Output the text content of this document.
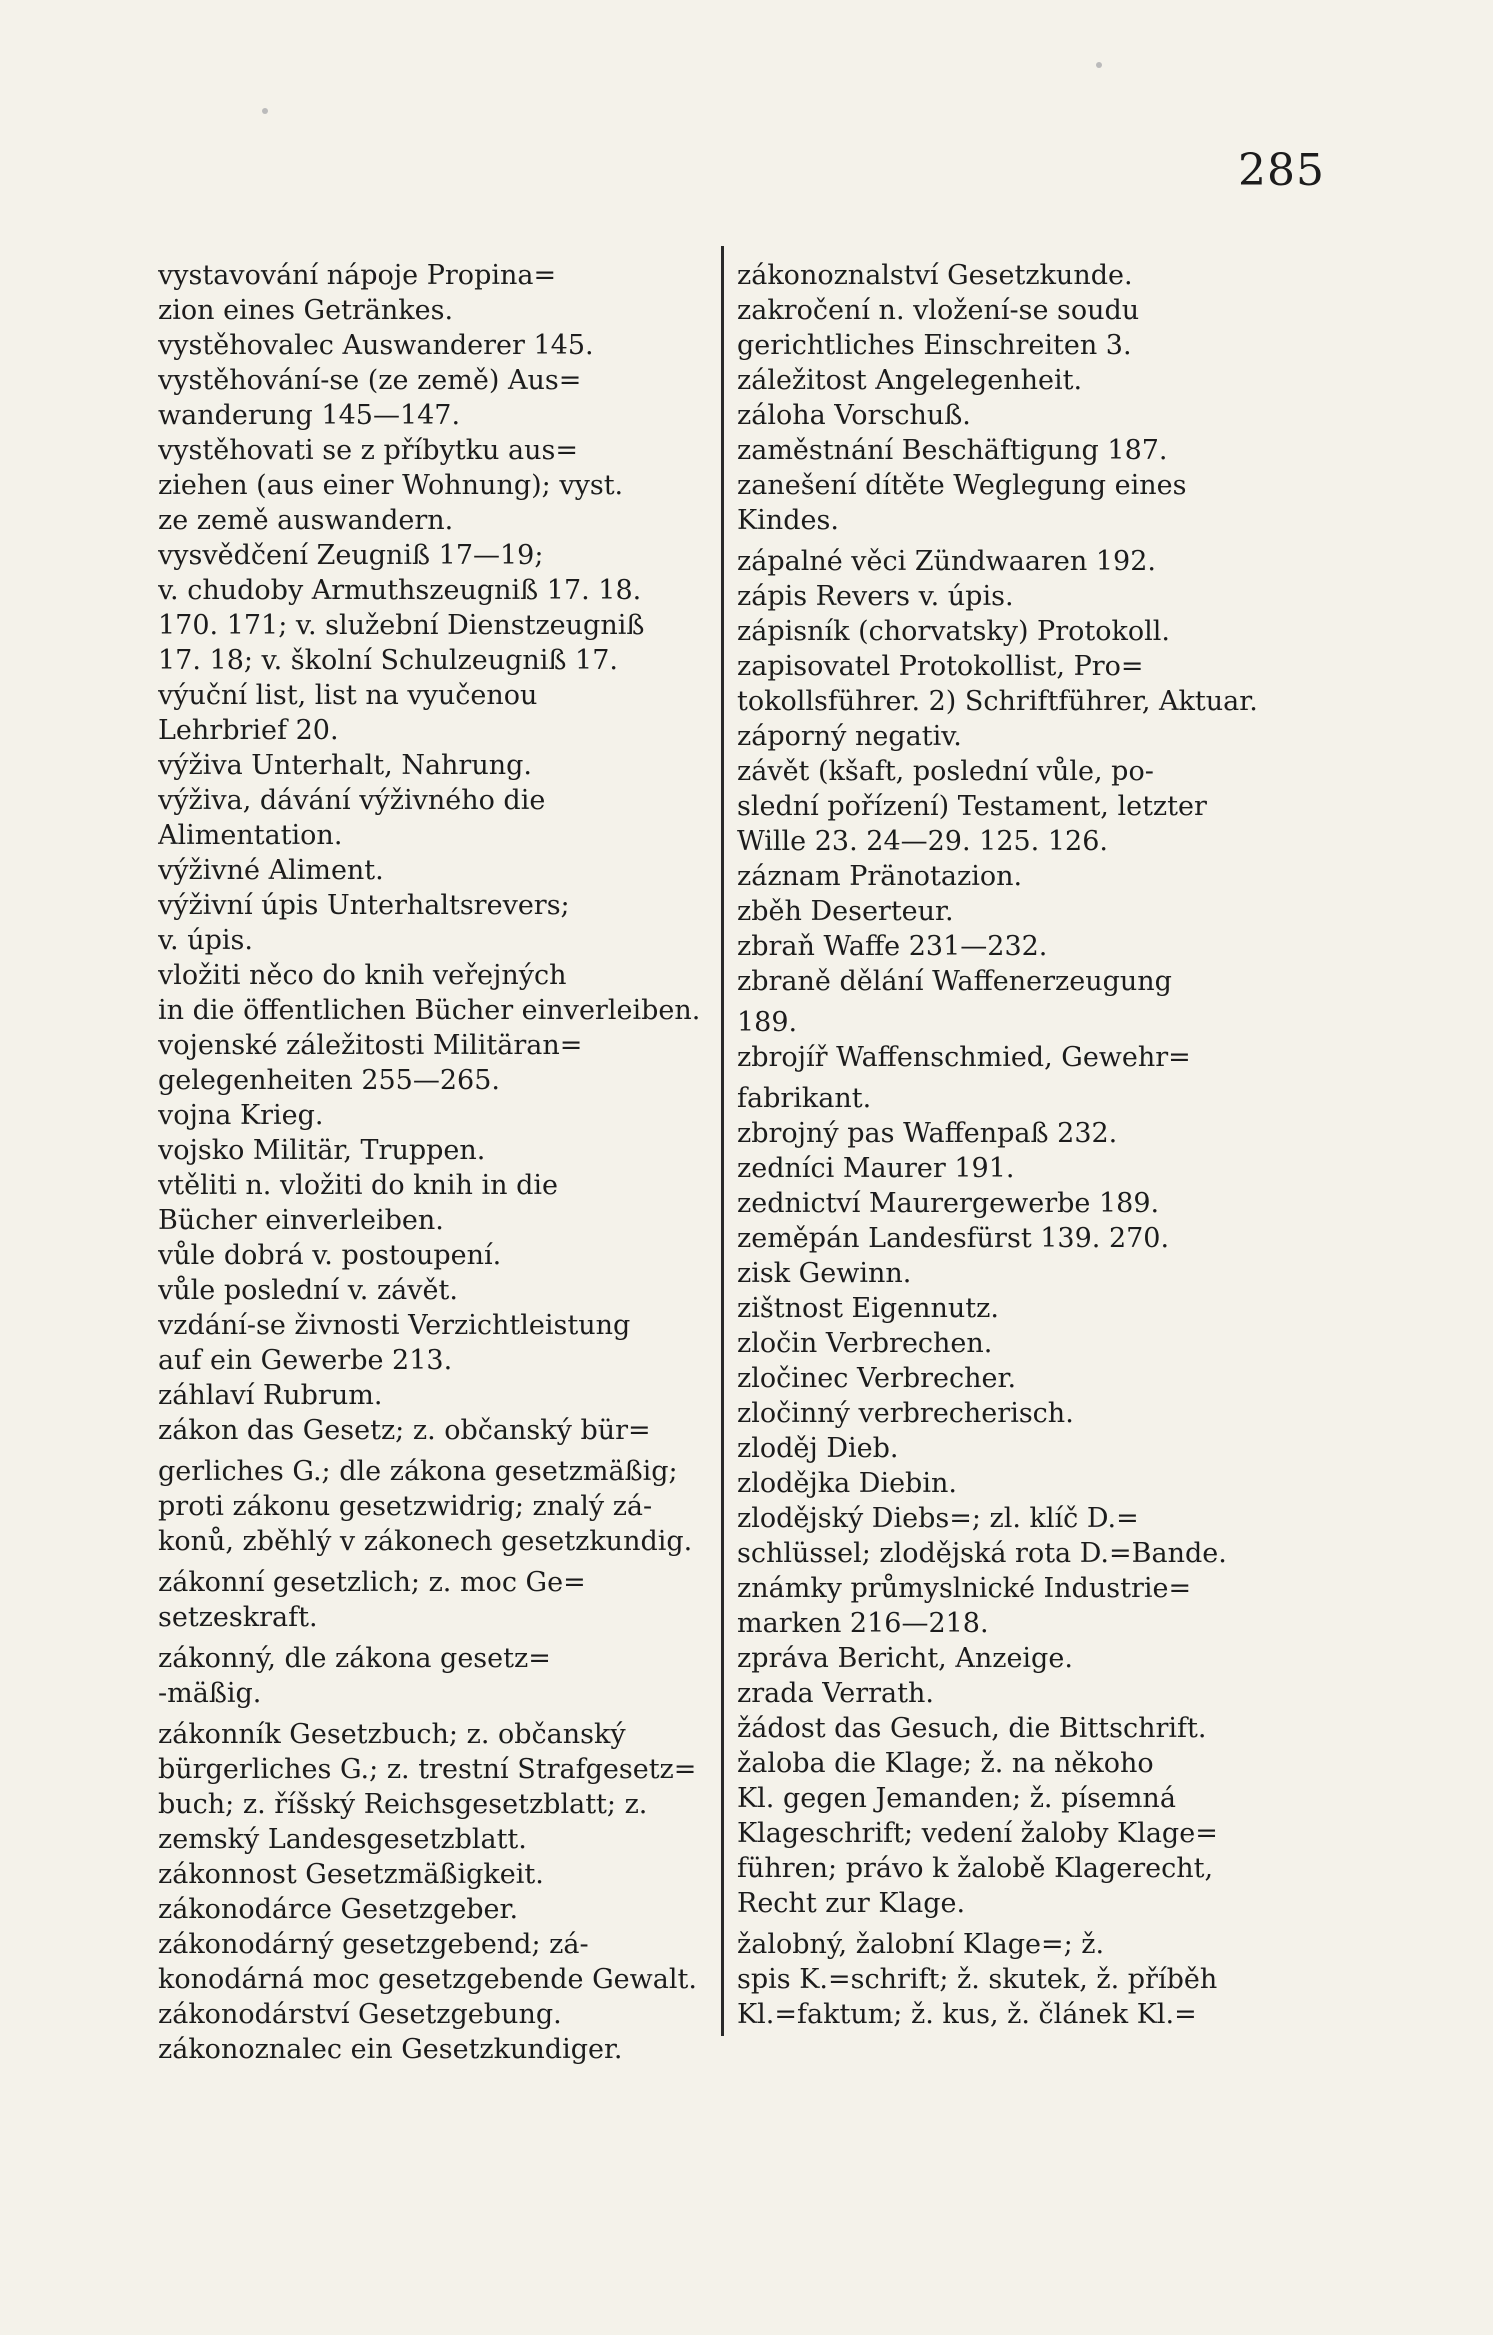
285
vystavování nápoje Propina=
zion eines Getränkes.
vystěhovalec Auswanderer 145.
vystěhování-se (ze země) Aus=
wanderung 145—147.
vystěhovati se z příbytku aus=
ziehen (aus einer Wohnung); vyst.
ze země auswandern.
vysvědčení Zeugniß 17—19;
v. chudoby Armuthszeugniß 17. 18.
170. 171; v. služební Dienstzeugniß
17. 18; v. školní Schulzeugniß 17.
výuční list, list na vyučenou
Lehrbrief 20.
výživa Unterhalt, Nahrung.
výživa, dávání výživného die
Alimentation.
výživné Aliment.
výživní úpis Unterhaltsrevers;
v. úpis.
vložiti něco do knih veřejných
in die öffentlichen Bücher einverleiben.
vojenské záležitosti Militäran=
gelegenheiten 255—265.
vojna Krieg.
vojsko Militär, Truppen.
vtěliti n. vložiti do knih in die
Bücher einverleiben.
vůle dobrá v. postoupení.
vůle poslední v. závět.
vzdání-se živnosti Verzichtleistung
auf ein Gewerbe 213.
záhlaví Rubrum.
zákon das Gesetz; z. občanský bür=
gerliches G.; dle zákona gesetzmäßig;
proti zákonu gesetzwidrig; znalý zá-
konů, zběhlý v zákonech gesetzkundig.
zákonní gesetzlich; z. moc Ge=
setzeskraft.
zákonný, dle zákona gesetz=
-mäßig.
zákonník Gesetzbuch; z. občanský
bürgerliches G.; z. trestní Strafgesetz=
buch; z. říšský Reichsgesetzblatt; z.
zemský Landesgesetzblatt.
zákonnost Gesetzmäßigkeit.
zákonodárce Gesetzgeber.
zákonodárný gesetzgebend; zá-
konodárná moc gesetzgebende Gewalt.
zákonodárství Gesetzgebung.
zákonoznalec ein Gesetzkundiger.
zákonoznalství Gesetzkunde.
zakročení n. vložení-se soudu
gerichtliches Einschreiten 3.
záležitost Angelegenheit.
záloha Vorschuß.
zaměstnání Beschäftigung 187.
zanešení dítěte Weglegung eines
Kindes.
zápalné věci Zündwaaren 192.
zápis Revers v. úpis.
zápisník (chorvatsky) Protokoll.
zapisovatel Protokollist, Pro=
tokollsführer. 2) Schriftführer, Aktuar.
záporný negativ.
závět (kšaft, poslední vůle, po-
slední pořízení) Testament, letzter
Wille 23. 24—29. 125. 126.
záznam Pränotazion.
zběh Deserteur.
zbraň Waffe 231—232.
zbraně dělání Waffenerzeugung
189.
zbrojíř Waffenschmied, Gewehr=
fabrikant.
zbrojný pas Waffenpaß 232.
zedníci Maurer 191.
zednictví Maurergewerbe 189.
zeměpán Landesfürst 139. 270.
zisk Gewinn.
zištnost Eigennutz.
zločin Verbrechen.
zločinec Verbrecher.
zločinný verbrecherisch.
zloděj Dieb.
zlodějka Diebin.
zlodějský Diebs=; zl. klíč D.=
schlüssel; zlodějská rota D.=Bande.
známky průmyslnické Industrie=
marken 216—218.
zpráva Bericht, Anzeige.
zrada Verrath.
žádost das Gesuch, die Bittschrift.
žaloba die Klage; ž. na někoho
Kl. gegen Jemanden; ž. písemná
Klageschrift; vedení žaloby Klage=
führen; právo k žalobě Klagerecht,
Recht zur Klage.
žalobný, žalobní Klage=; ž.
spis K.=schrift; ž. skutek, ž. příběh
Kl.=faktum; ž. kus, ž. článek Kl.=
